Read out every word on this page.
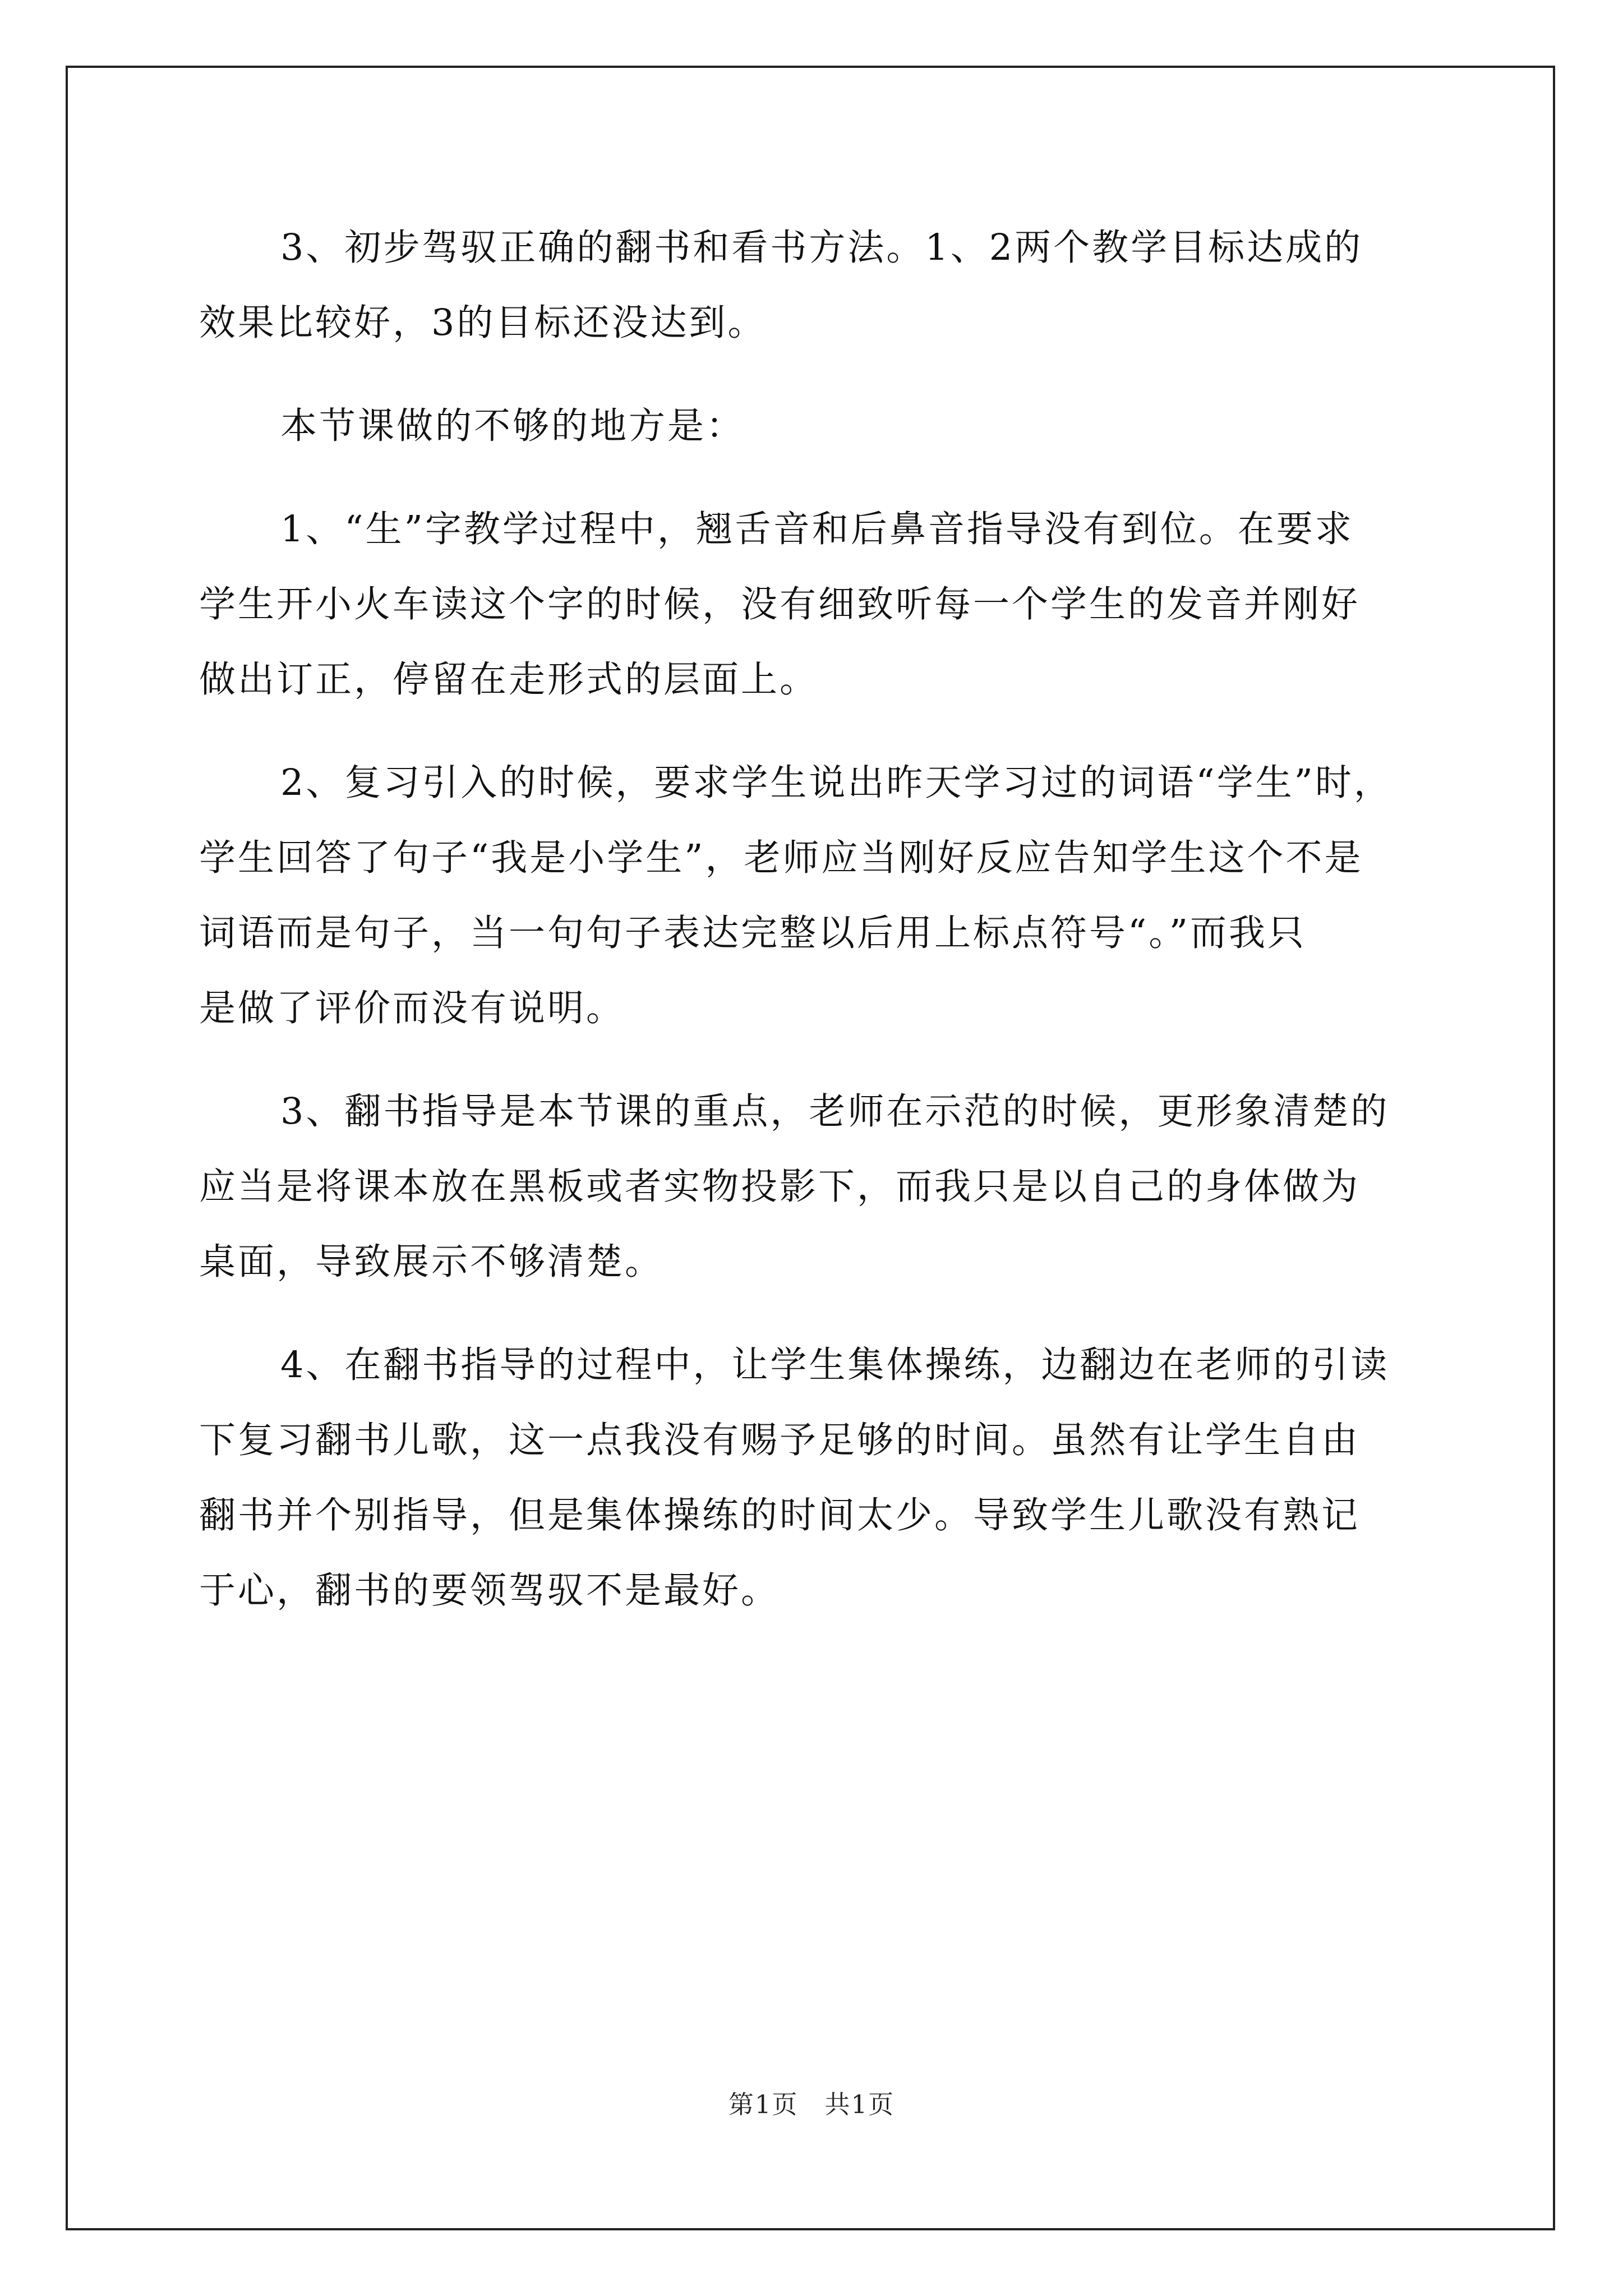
3、初步驾驭正确的翻书和看书方法。1、2两个教学目标达成的
效果比较好，3的目标还没达到。

本节课做的不够的地方是：

1、“生”字教学过程中，翘舌音和后鼻音指导没有到位。在要求
学生开小火车读这个字的时候，没有细致听每一个学生的发音并刚好
做出订正，停留在走形式的层面上。

2、复习引入的时候，要求学生说出昨天学习过的词语“学生”时，
学生回答了句子“我是小学生”，老师应当刚好反应告知学生这个不是
词语而是句子，当一句句子表达完整以后用上标点符号“。”而我只
是做了评价而没有说明。

3、翻书指导是本节课的重点，老师在示范的时候，更形象清楚的
应当是将课本放在黑板或者实物投影下，而我只是以自己的身体做为
桌面，导致展示不够清楚。

4、在翻书指导的过程中，让学生集体操练，边翻边在老师的引读
下复习翻书儿歌，这一点我没有赐予足够的时间。虽然有让学生自由
翻书并个别指导，但是集体操练的时间太少。导致学生儿歌没有熟记
于心，翻书的要领驾驭不是最好。

第1页　共1页
